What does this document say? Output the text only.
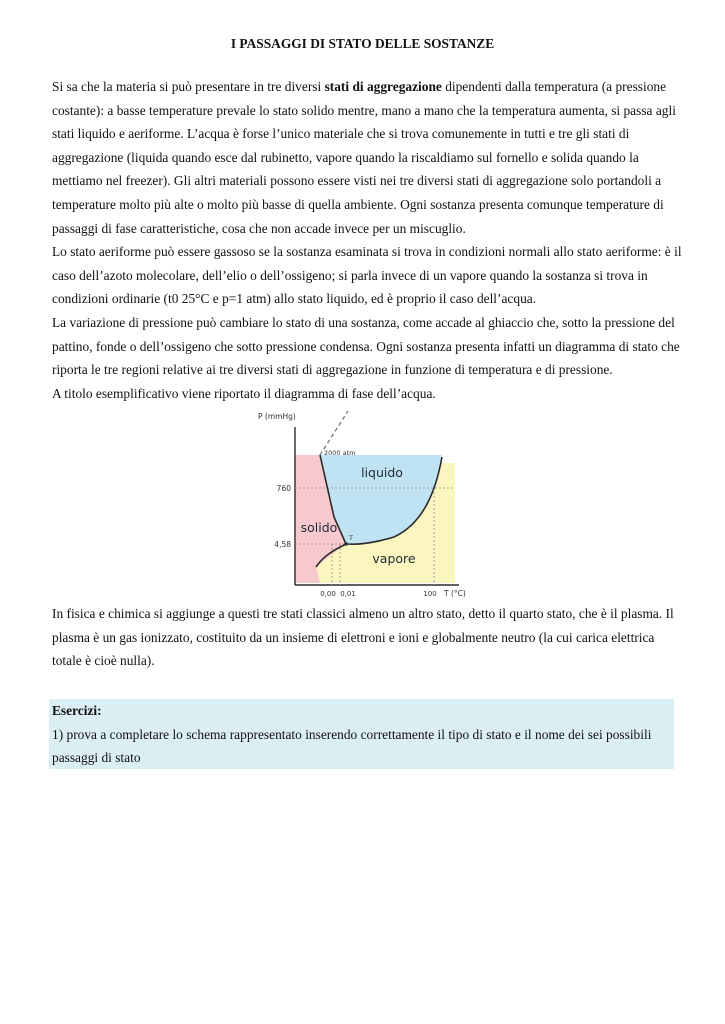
I PASSAGGI DI STATO DELLE SOSTANZE

Si sa che la materia si può presentare in tre diversi stati di aggregazione dipendenti dalla temperatura (a pressione costante): a basse temperature prevale lo stato solido mentre, mano a mano che la temperatura aumenta, si passa agli stati liquido e aeriforme. L’acqua è forse l’unico materiale che si trova comunemente in tutti e tre gli stati di aggregazione (liquida quando esce dal rubinetto, vapore quando la riscaldiamo sul fornello e solida quando la mettiamo nel freezer). Gli altri materiali possono essere visti nei tre diversi stati di aggregazione solo portandoli a temperature molto più alte o molto più basse di quella ambiente. Ogni sostanza presenta comunque temperature di passaggi di fase caratteristiche, cosa che non accade invece per un miscuglio.

Lo stato aeriforme può essere gassoso se la sostanza esaminata si trova in condizioni normali allo stato aeriforme: è il caso dell’azoto molecolare, dell’elio o dell’ossigeno; si parla invece di un vapore quando la sostanza si trova in condizioni ordinarie (t0 25°C e p=1 atm) allo stato liquido, ed è proprio il caso dell’acqua.

La variazione di pressione può cambiare lo stato di una sostanza, come accade al ghiaccio che, sotto la pressione del pattino, fonde o dell’ossigeno che sotto pressione condensa. Ogni sostanza presenta infatti un diagramma di stato che riporta le tre regioni relative ai tre diversi stati di aggregazione in funzione di temperatura e di pressione.

A titolo esemplificativo viene riportato il diagramma di fase dell’acqua.

P (mmHg)
T (°C)
760
4,58
0,00 0,01	100
2000 atm
T
liquido
solido
vapore
In fisica e chimica si aggiunge a questi tre stati classici almeno un altro stato, detto il quarto stato, che è il plasma. Il plasma è un gas ionizzato, costituito da un insieme di elettroni e ioni e globalmente neutro (la cui carica elettrica totale è cioè nulla).
Esercizi:
1) prova a completare lo schema rappresentato inserendo correttamente il tipo di stato e il nome dei sei possibili passaggi di stato
